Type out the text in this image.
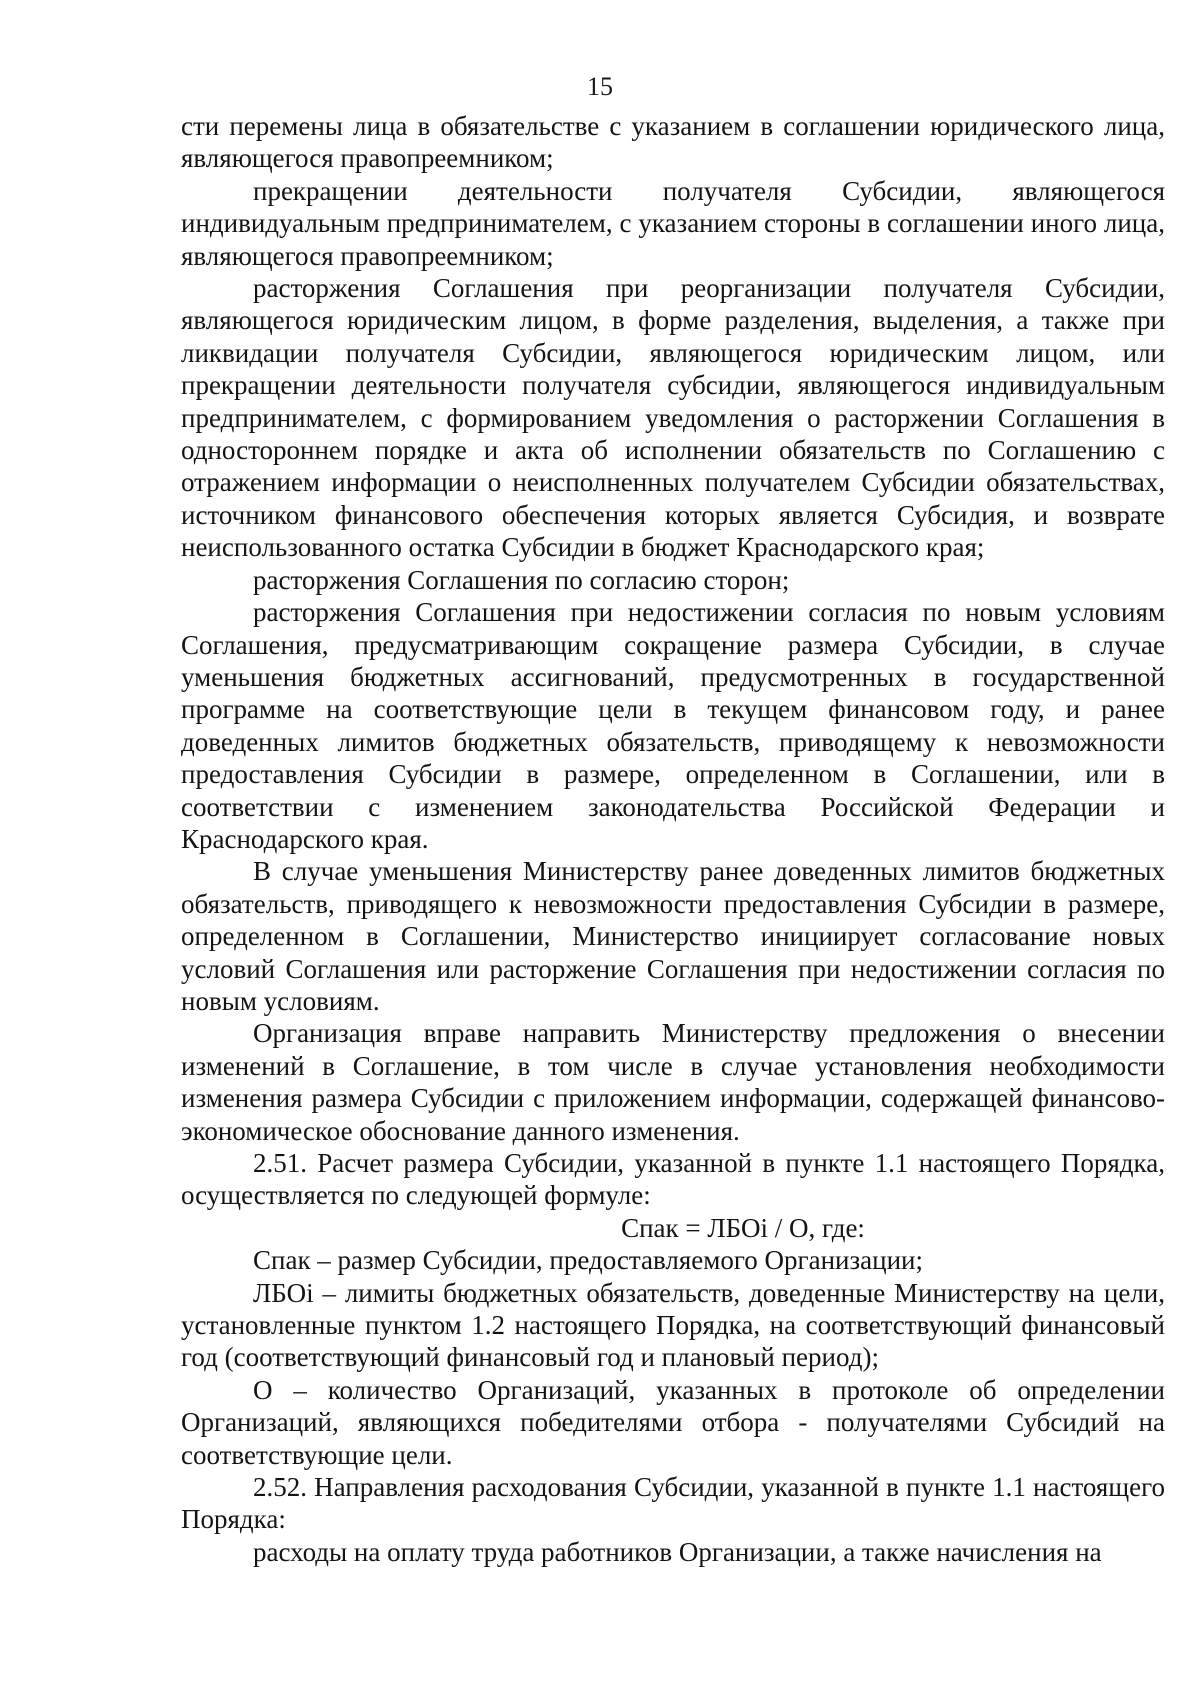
15

сти перемены лица в обязательстве с указанием в соглашении юридического лица, являющегося правопреемником;

прекращении деятельности получателя Субсидии, являющегося индивидуальным предпринимателем, с указанием стороны в соглашении иного лица, являющегося правопреемником;

расторжения Соглашения при реорганизации получателя Субсидии, являющегося юридическим лицом, в форме разделения, выделения, а также при ликвидации получателя Субсидии, являющегося юридическим лицом, или прекращении деятельности получателя субсидии, являющегося индивидуальным предпринимателем, с формированием уведомления о расторжении Соглашения в одностороннем порядке и акта об исполнении обязательств по Соглашению с отражением информации о неисполненных получателем Субсидии обязательствах, источником финансового обеспечения которых является Субсидия, и возврате неиспользованного остатка Субсидии в бюджет Краснодарского края;

расторжения Соглашения по согласию сторон;

расторжения Соглашения при недостижении согласия по новым условиям Соглашения, предусматривающим сокращение размера Субсидии, в случае уменьшения бюджетных ассигнований, предусмотренных в государственной программе на соответствующие цели в текущем финансовом году, и ранее доведенных лимитов бюджетных обязательств, приводящему к невозможности предоставления Субсидии в размере, определенном в Соглашении, или в соответствии с изменением законодательства Российской Федерации и Краснодарского края.

В случае уменьшения Министерству ранее доведенных лимитов бюджетных обязательств, приводящего к невозможности предоставления Субсидии в размере, определенном в Соглашении, Министерство инициирует согласование новых условий Соглашения или расторжение Соглашения при недостижении согласия по новым условиям.

Организация вправе направить Министерству предложения о внесении изменений в Соглашение, в том числе в случае установления необходимости изменения размера Субсидии с приложением информации, содержащей финансово-экономическое обоснование данного изменения.

2.51. Расчет размера Субсидии, указанной в пункте 1.1 настоящего Порядка, осуществляется по следующей формуле:

Спак = ЛБОi / О, где:

Спак – размер Субсидии, предоставляемого Организации;

ЛБОi – лимиты бюджетных обязательств, доведенные Министерству на цели, установленные пунктом 1.2 настоящего Порядка, на соответствующий финансовый год (соответствующий финансовый год и плановый период);

О – количество Организаций, указанных в протоколе об определении Организаций, являющихся победителями отбора - получателями Субсидий на соответствующие цели.

2.52. Направления расходования Субсидии, указанной в пункте 1.1 настоящего Порядка:

расходы на оплату труда работников Организации, а также начисления на
